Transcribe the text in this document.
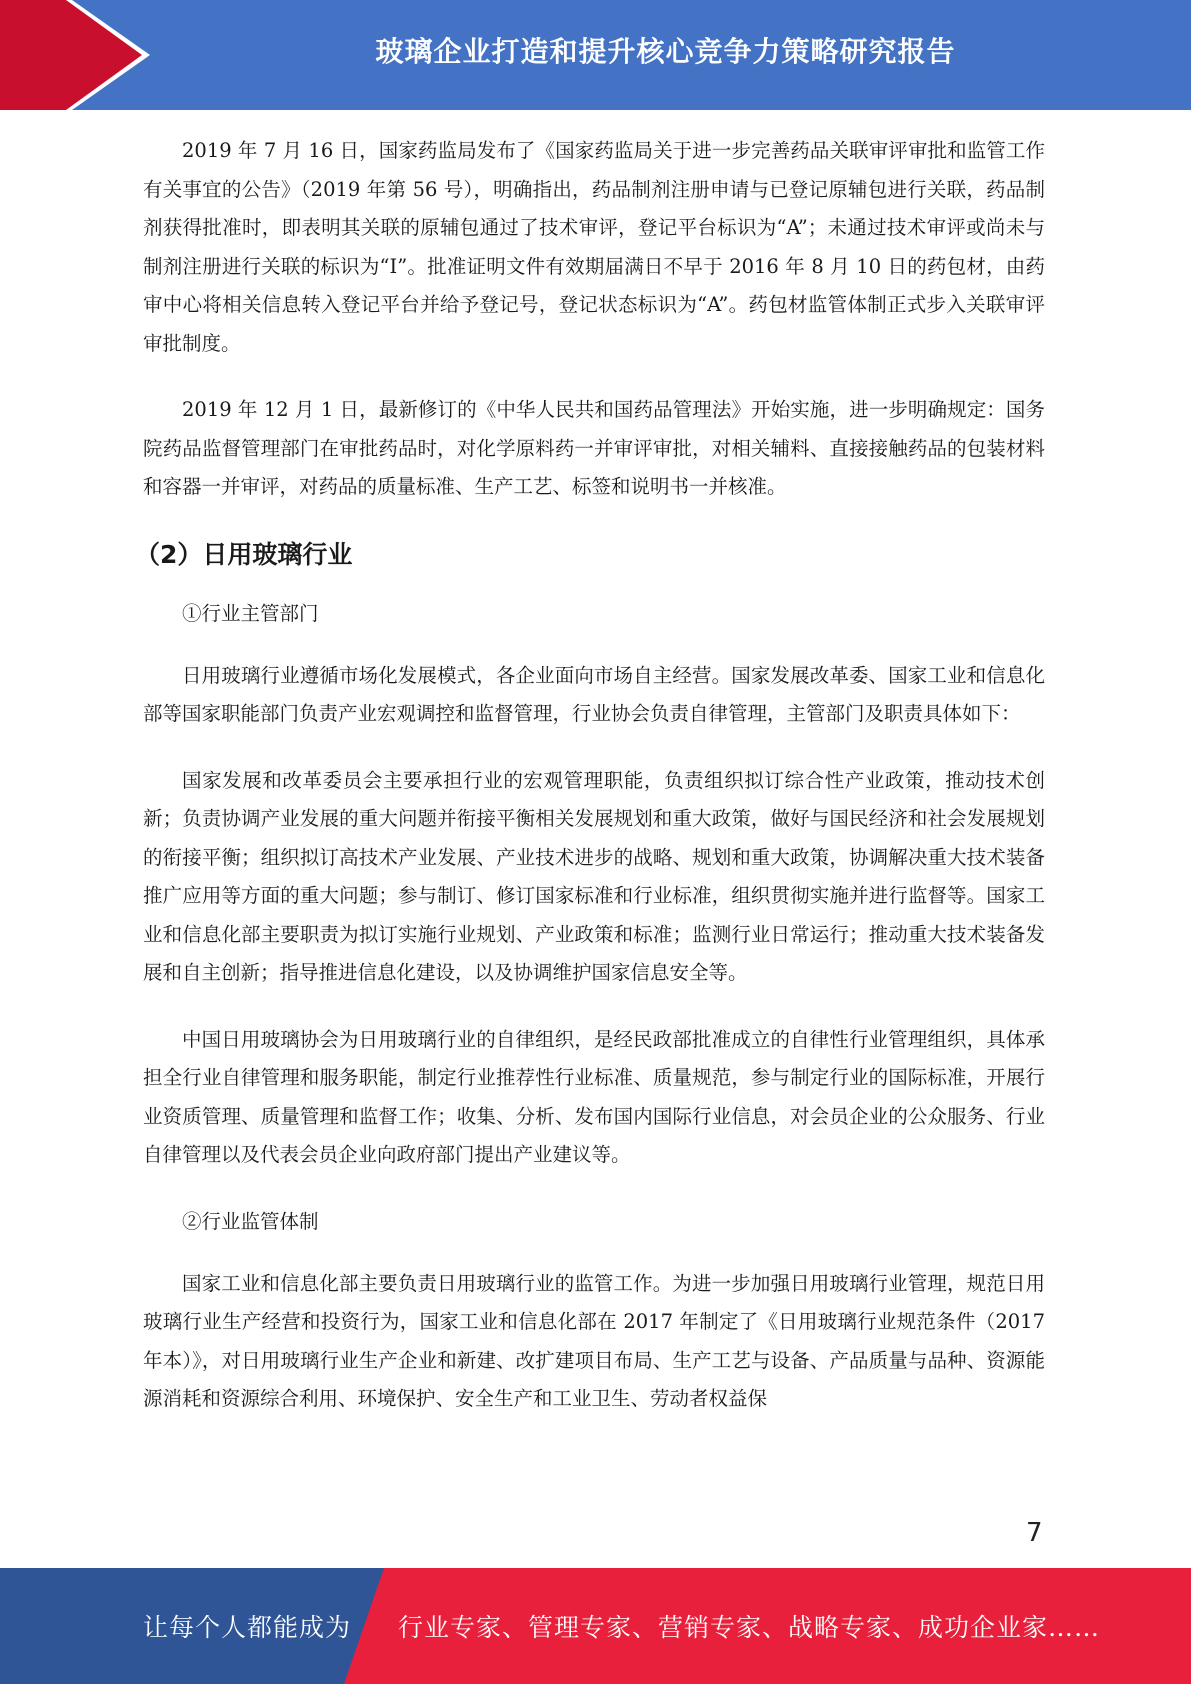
玻璃企业打造和提升核心竞争力策略研究报告

2019 年 7 月 16 日，国家药监局发布了《国家药监局关于进一步完善药品关联审评审批和监管工作有关事宜的公告》（2019 年第 56 号），明确指出，药品制剂注册申请与已登记原辅包进行关联，药品制剂获得批准时，即表明其关联的原辅包通过了技术审评，登记平台标识为“A”；未通过技术审评或尚未与制剂注册进行关联的标识为“I”。批准证明文件有效期届满日不早于 2016 年 8 月 10 日的药包材，由药审中心将相关信息转入登记平台并给予登记号，登记状态标识为“A”。药包材监管体制正式步入关联审评审批制度。

2019 年 12 月 1 日，最新修订的《中华人民共和国药品管理法》开始实施，进一步明确规定：国务院药品监督管理部门在审批药品时，对化学原料药一并审评审批，对相关辅料、直接接触药品的包装材料和容器一并审评，对药品的质量标准、生产工艺、标签和说明书一并核准。

（2）日用玻璃行业
①行业主管部门

日用玻璃行业遵循市场化发展模式，各企业面向市场自主经营。国家发展改革委、国家工业和信息化部等国家职能部门负责产业宏观调控和监督管理，行业协会负责自律管理，主管部门及职责具体如下：

国家发展和改革委员会主要承担行业的宏观管理职能，负责组织拟订综合性产业政策，推动技术创新；负责协调产业发展的重大问题并衔接平衡相关发展规划和重大政策，做好与国民经济和社会发展规划的衔接平衡；组织拟订高技术产业发展、产业技术进步的战略、规划和重大政策，协调解决重大技术装备推广应用等方面的重大问题；参与制订、修订国家标准和行业标准，组织贯彻实施并进行监督等。国家工业和信息化部主要职责为拟订实施行业规划、产业政策和标准；监测行业日常运行；推动重大技术装备发展和自主创新；指导推进信息化建设，以及协调维护国家信息安全等。

中国日用玻璃协会为日用玻璃行业的自律组织，是经民政部批准成立的自律性行业管理组织，具体承担全行业自律管理和服务职能，制定行业推荐性行业标准、质量规范，参与制定行业的国际标准，开展行业资质管理、质量管理和监督工作；收集、分析、发布国内国际行业信息，对会员企业的公众服务、行业自律管理以及代表会员企业向政府部门提出产业建议等。

②行业监管体制

国家工业和信息化部主要负责日用玻璃行业的监管工作。为进一步加强日用玻璃行业管理，规范日用玻璃行业生产经营和投资行为，国家工业和信息化部在 2017 年制定了《日用玻璃行业规范条件（2017 年本）》，对日用玻璃行业生产企业和新建、改扩建项目布局、生产工艺与设备、产品质量与品种、资源能源消耗和资源综合利用、环境保护、安全生产和工业卫生、劳动者权益保

7
让每个人都能成为 行业专家、管理专家、营销专家、战略专家、成功企业家……
